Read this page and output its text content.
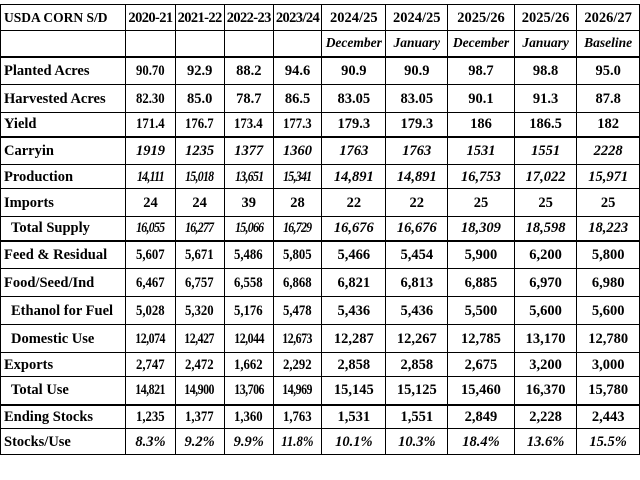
USDA CORN S/D	2020-21	2021-22	2022-23	2023/24	2024/25	2024/25	2025/26	2025/26	2026/27
					December	January	December	January	Baseline
Planted Acres	90.70	92.9	88.2	94.6	90.9	90.9	98.7	98.8	95.0
Harvested Acres	82.30	85.0	78.7	86.5	83.05	83.05	90.1	91.3	87.8
Yield	171.4	176.7	173.4	177.3	179.3	179.3	186	186.5	182
Carryin	1919	1235	1377	1360	1763	1763	1531	1551	2228
Production	14,111	15,018	13,651	15,341	14,891	14,891	16,753	17,022	15,971
Imports	24	24	39	28	22	22	25	25	25
Total Supply	16,055	16,277	15,066	16,729	16,676	16,676	18,309	18,598	18,223
Feed & Residual	5,607	5,671	5,486	5,805	5,466	5,454	5,900	6,200	5,800
Food/Seed/Ind	6,467	6,757	6,558	6,868	6,821	6,813	6,885	6,970	6,980
Ethanol for Fuel	5,028	5,320	5,176	5,478	5,436	5,436	5,500	5,600	5,600
Domestic Use	12,074	12,427	12,044	12,673	12,287	12,267	12,785	13,170	12,780
Exports	2,747	2,472	1,662	2,292	2,858	2,858	2,675	3,200	3,000
Total Use	14,821	14,900	13,706	14,969	15,145	15,125	15,460	16,370	15,780
Ending Stocks	1,235	1,377	1,360	1,763	1,531	1,551	2,849	2,228	2,443
Stocks/Use	8.3%	9.2%	9.9%	11.8%	10.1%	10.3%	18.4%	13.6%	15.5%
